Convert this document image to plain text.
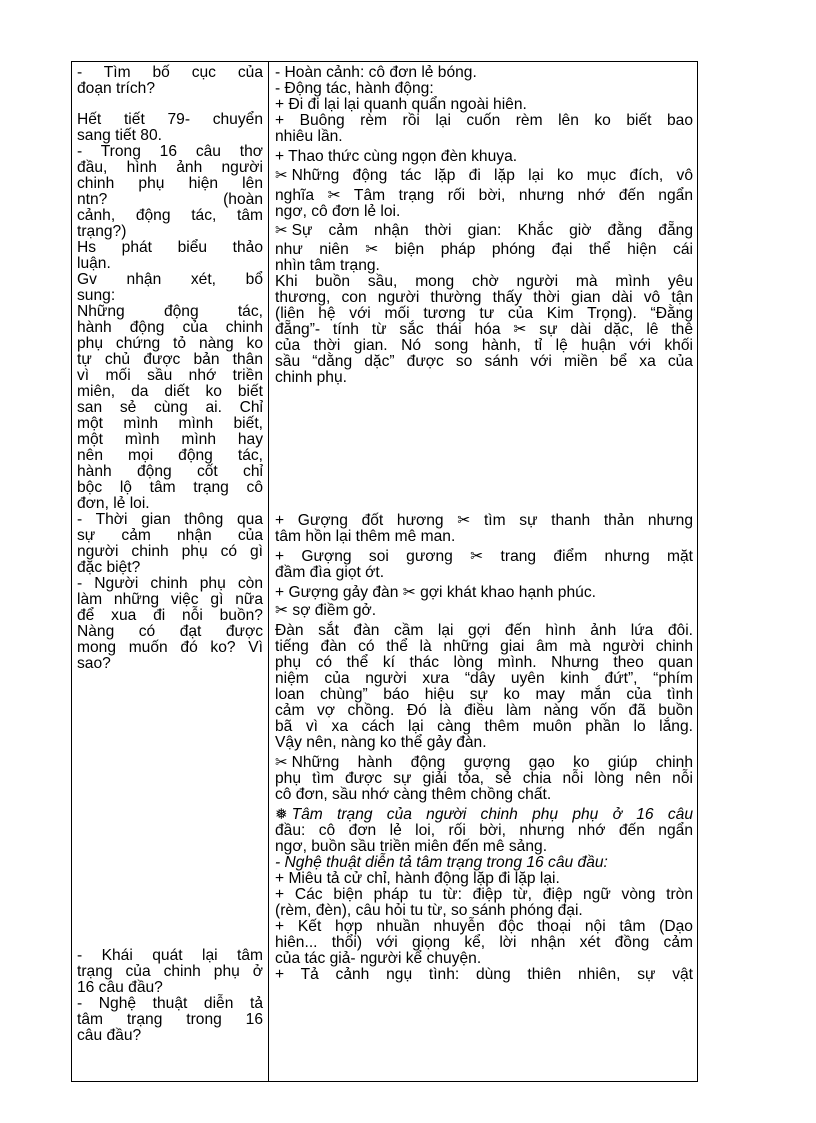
- Tìm bố cục của
đoạn trích?
Hết tiết 79- chuyển
sang tiết 80.
- Trong 16 câu thơ
đầu, hình ảnh người
chinh phụ hiện lên
ntn? (hoàn
cảnh, động tác, tâm
trạng?)
Hs phát biểu thảo
luận.
Gv nhận xét, bổ
sung:
Những động tác,
hành động của chinh
phụ chứng tỏ nàng ko
tự chủ được bản thân
vì mối sầu nhớ triền
miên, da diết ko biết
san sẻ cùng ai. Chỉ
một mình mình biết,
một mình mình hay
nên mọi động tác,
hành động cốt chỉ
bộc lộ tâm trạng cô
đơn, lẻ loi.
- Thời gian thông qua
sự cảm nhận của
người chinh phụ có gì
đặc biệt?
- Người chinh phụ còn
làm những việc gì nữa
để xua đi nỗi buồn?
Nàng có đạt được
mong muốn đó ko? Vì
sao?
- Khái quát lại tâm
trạng của chinh phụ ở
16 câu đầu?
- Nghệ thuật diễn tả
tâm trạng trong 16
câu đầu?
- Hoàn cảnh: cô đơn lẻ bóng.
- Động tác, hành động:
+ Đi đi lại lại quanh quẩn ngoài hiên.
+ Buông rèm rồi lại cuốn rèm lên ko biết bao
nhiêu lần.
+ Thao thức cùng ngọn đèn khuya.
✂ Những động tác lặp đi lặp lại ko mục đích, vô
nghĩa ✂ Tâm trạng rối bời, nhưng nhớ đến ngẩn
ngơ, cô đơn lẻ loi.
✂ Sự cảm nhận thời gian: Khắc giờ đằng đẵng
như niên ✂ biện pháp phóng đại thể hiện cái
nhìn tâm trạng.
Khi buồn sầu, mong chờ người mà mình yêu
thương, con người thường thấy thời gian dài vô tận
(liên hệ với mối tương tư của Kim Trọng). “Đằng
đẵng”- tính từ sắc thái hóa ✂ sự dài dặc, lê thê
của thời gian. Nó song hành, tỉ lệ huận với khối
sầu “dằng dặc” được so sánh với miền bể xa của
chinh phụ.
+ Gượng đốt hương ✂ tìm sự thanh thản nhưng
tâm hồn lại thêm mê man.
+ Gượng soi gương ✂ trang điểm nhưng mặt
đầm đìa giọt ớt.
+ Gượng gảy đàn ✂ gợi khát khao hạnh phúc.
✂ sợ điềm gở.
Đàn sắt đàn cầm lại gợi đến hình ảnh lứa đôi.
tiếng đàn có thể là những giai âm mà người chinh
phụ có thể kí thác lòng mình. Nhưng theo quan
niệm của người xưa “dây uyên kinh đứt”, “phím
loan chùng” báo hiệu sự ko may mắn của tình
cảm vợ chồng. Đó là điều làm nàng vốn đã buồn
bã vì xa cách lại càng thêm muôn phần lo lắng.
Vậy nên, nàng ko thể gảy đàn.
✂ Những hành động gượng gạo ko giúp chinh
phụ tìm được sự giải tỏa, sẻ chia nỗi lòng nên nỗi
cô đơn, sầu nhớ càng thêm chồng chất.
❅ Tâm trạng của người chinh phụ phụ ở 16 câu
đầu: cô đơn lẻ loi, rối bời, nhưng nhớ đến ngẩn
ngơ, buồn sầu triền miên đến mê sảng.
- Nghệ thuật diễn tả tâm trạng trong 16 câu đầu:
+ Miêu tả cử chỉ, hành động lặp đi lặp lại.
+ Các biện pháp tu từ: điệp từ, điệp ngữ vòng tròn
(rèm, đèn), câu hỏi tu từ, so sánh phóng đại.
+ Kết hợp nhuần nhuyễn độc thoại nội tâm (Dạo
hiên... thổi) với giọng kể, lời nhận xét đồng cảm
của tác giả- người kể chuyện.
+ Tả cảnh ngụ tình: dùng thiên nhiên, sự vật
